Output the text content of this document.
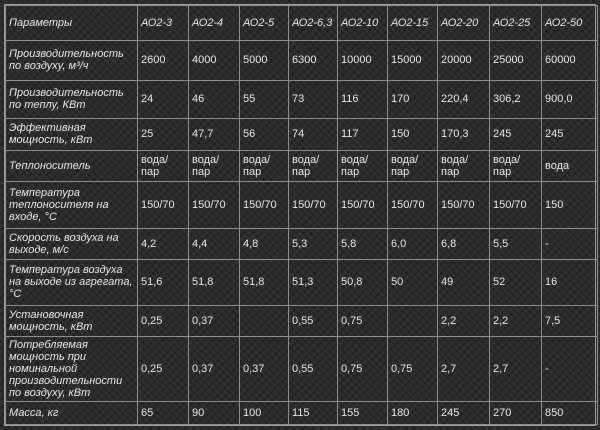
Параметры	АО2-3	АО2-4	АО2-5	АО2-6,3	АО2-10	АО2-15	АО2-20	АО2-25	АО2-50
Производительность по воздуху, м³/ч	2600	4000	5000	6300	10000	15000	20000	25000	60000
Производительность по теплу, КВт	24	46	55	73	116	170	220,4	306,2	900,0
Эффективная мощность, кВт	25	47,7	56	74	117	150	170,3	245	245
Теплоноситель	вода/ пар	вода/ пар	вода/ пар	вода/ пар	вода/ пар	вода/ пар	вода/ пар	вода/ пар	вода
Температура теплоносителя на входе, °С	150/70	150/70	150/70	150/70	150/70	150/70	150/70	150/70	150
Скорость воздуха на выходе, м/с	4,2	4,4	4,8	5,3	5,8	6,0	6,8	5,5	-
Температура воздуха на выходе из агрегата, °С	51,6	51,8	51,8	51,3	50,8	50	49	52	16
Установочная мощность, кВт	0,25	0,37		0,55	0,75		2,2	2,2	7,5
Потребляемая мощность при номинальной производительности по воздуху, кВт	0,25	0,37	0,37	0,55	0,75	0,75	2,7	2,7	-
Масса, кг	65	90	100	115	155	180	245	270	850
